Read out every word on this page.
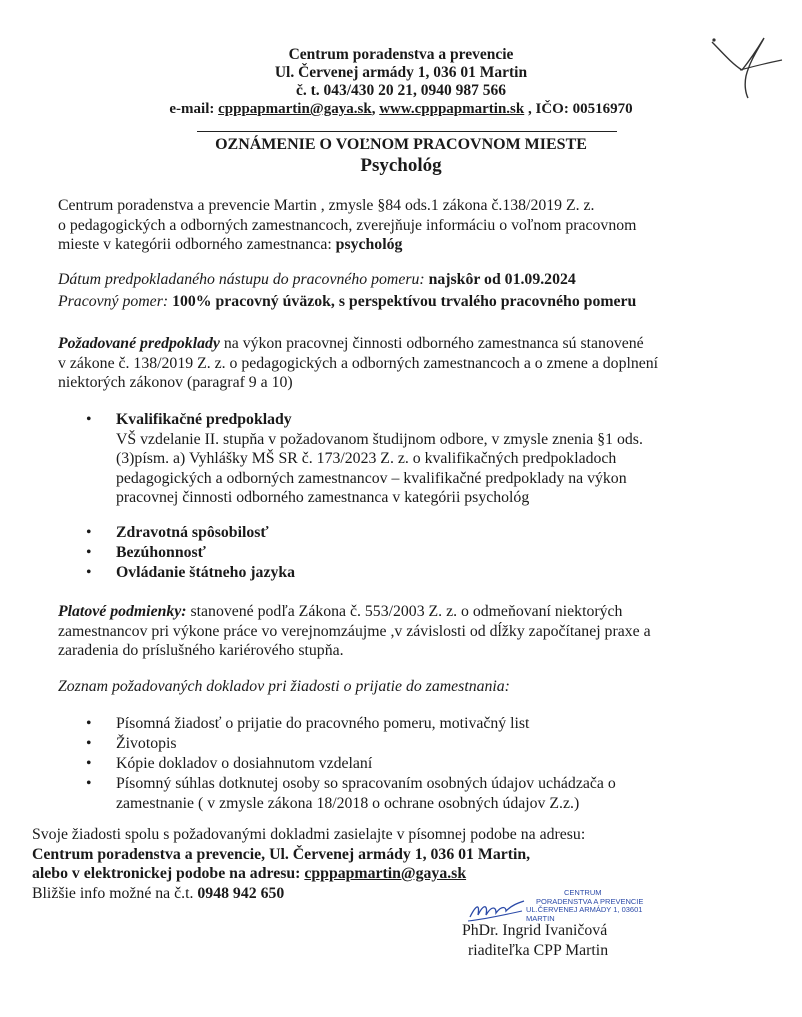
Centrum poradenstva a prevencie
Ul. Červenej armády 1, 036 01 Martin
č. t. 043/430 20 21, 0940 987 566
e-mail: cpppapmartin@gaya.sk, www.cpppapmartin.sk , IČO: 00516970
OZNÁMENIE O VOĽNOM PRACOVNOM MIESTE
Psychológ
Centrum poradenstva a prevencie Martin , zmysle §84 ods.1 zákona č.138/2019 Z. z.
o pedagogických a odborných zamestnancoch, zverejňuje informáciu o voľnom pracovnom
mieste v kategórii odborného zamestnanca: psychológ
Dátum predpokladaného nástupu do pracovného pomeru: najskôr od 01.09.2024
Pracovný pomer: 100% pracovný úväzok, s perspektívou trvalého pracovného pomeru
Požadované predpoklady na výkon pracovnej činnosti odborného zamestnanca sú stanovené
v zákone č. 138/2019 Z. z. o pedagogických a odborných zamestnancoch a o zmene a doplnení
niektorých zákonov (paragraf 9 a 10)
• Kvalifikačné predpoklady
VŠ vzdelanie II. stupňa v požadovanom študijnom odbore, v zmysle znenia §1 ods.
(3)písm. a) Vyhlášky MŠ SR č. 173/2023 Z. z. o kvalifikačných predpokladoch
pedagogických a odborných zamestnancov – kvalifikačné predpoklady na výkon
pracovnej činnosti odborného zamestnanca v kategórii psychológ
• Zdravotná spôsobilosť
• Bezúhonnosť
• Ovládanie štátneho jazyka
Platové podmienky: stanovené podľa Zákona č. 553/2003 Z. z. o odmeňovaní niektorých
zamestnancov pri výkone práce vo verejnomzáujme ,v závislosti od dĺžky započítanej praxe a
zaradenia do príslušného kariérového stupňa.
Zoznam požadovaných dokladov pri žiadosti o prijatie do zamestnania:
• Písomná žiadosť o prijatie do pracovného pomeru, motivačný list
• Životopis
• Kópie dokladov o dosiahnutom vzdelaní
• Písomný súhlas dotknutej osoby so spracovaním osobných údajov uchádzača o
zamestnanie ( v zmysle zákona 18/2018 o ochrane osobných údajov Z.z.)
Svoje žiadosti spolu s požadovanými dokladmi zasielajte v písomnej podobe na adresu:
Centrum poradenstva a prevencie, Ul. Červenej armády 1, 036 01 Martin,
alebo v elektronickej podobe na adresu: cpppapmartin@gaya.sk
Bližšie info možné na č.t. 0948 942 650	CENTRUM
PORADENSTVA A PREVENCIE
UL.ČERVENEJ ARMÁDY 1, 03601 MARTIN
PhDr. Ingrid Ivaničová
riaditeľka CPP Martin
